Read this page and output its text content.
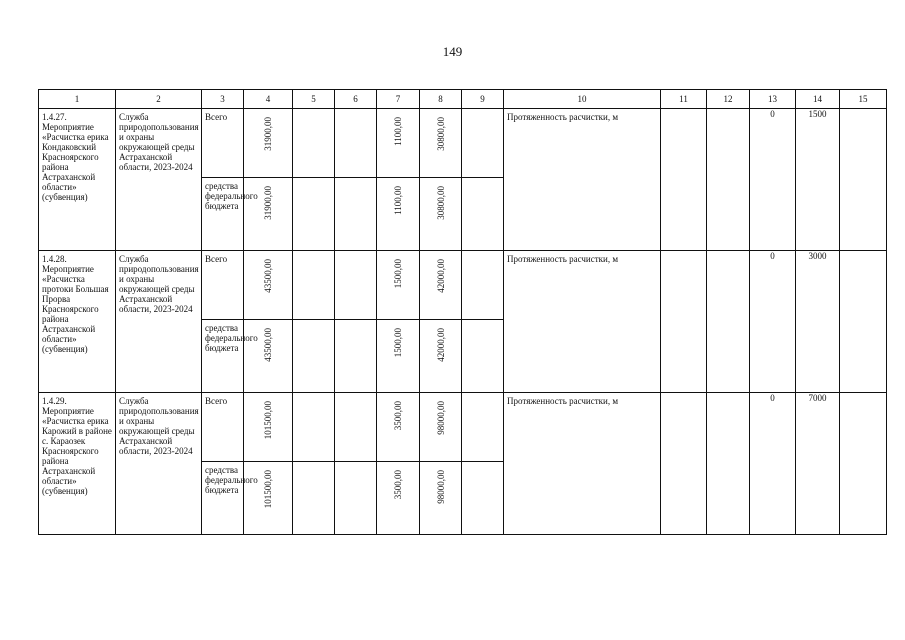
149
1	2	3	4	5	6	7	8	9	10	11	12	13	14	15

1.4.27. Мероприятие «Расчистка ерика Кондаковский Красноярского района Астраханской области» (субвенция)	Служба природопользования и охраны окружающей среды Астраханской области, 2023-2024	Всего	31900,00			1100,00	30800,00		Протяженность расчистки, м			0	1500	

		средства федерального бюджета	31900,00			1100,00	30800,00							

1.4.28. Мероприятие «Расчистка протоки Большая Прорва Красноярского района Астраханской области» (субвенция)	Служба природопользования и охраны окружающей среды Астраханской области, 2023-2024	Всего	43500,00			1500,00	42000,00		Протяженность расчистки, м			0	3000	

		средства федерального бюджета	43500,00			1500,00	42000,00							

1.4.29. Мероприятие «Расчистка ерика Карожий в районе с. Караозек Красноярского района Астраханской области» (субвенция)	Служба природопользования и охраны окружающей среды Астраханской области, 2023-2024	Всего	101500,00			3500,00	98000,00		Протяженность расчистки, м			0	7000	

		средства федерального бюджета	101500,00			3500,00	98000,00							
